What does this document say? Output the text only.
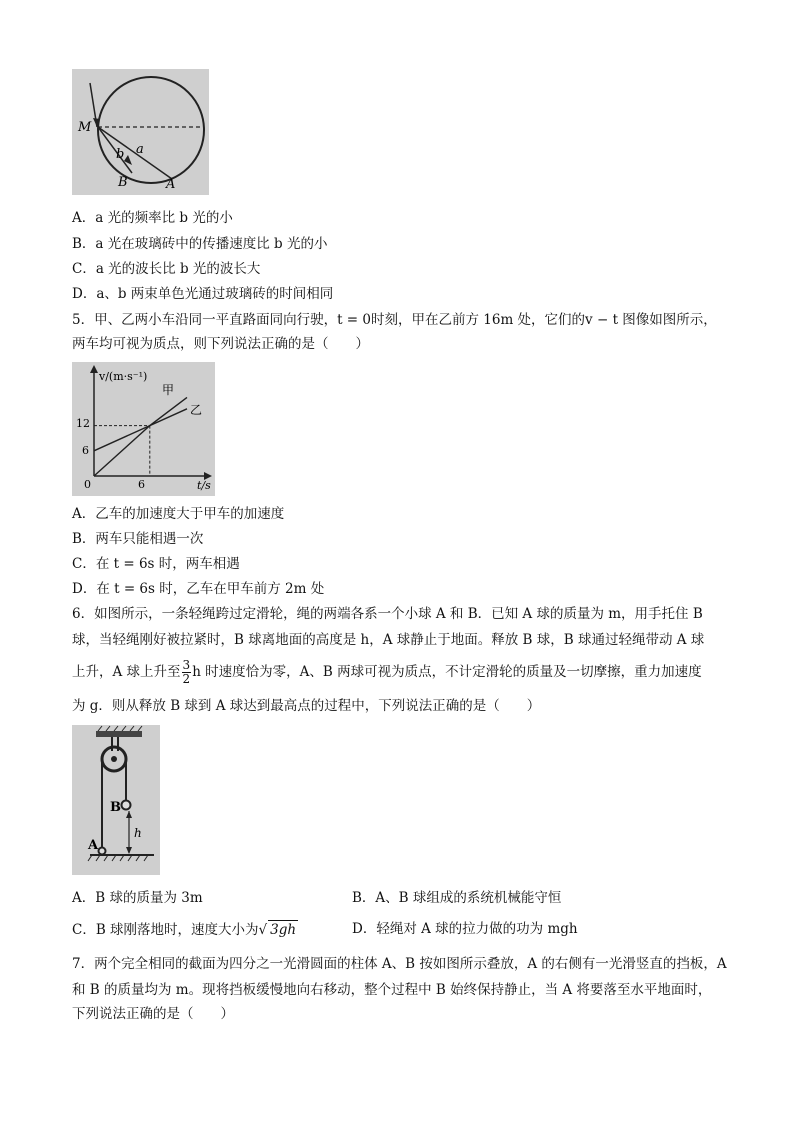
M
b a
B	A
A．a 光的频率比 b 光的小
B．a 光在玻璃砖中的传播速度比 b 光的小
C．a 光的波长比 b 光的波长大
D．a、b 两束单色光通过玻璃砖的时间相同
5．甲、乙两小车沿同一平直路面同向行驶，t = 0时刻，甲在乙前方 16m 处，它们的v − t 图像如图所示，
两车均可视为质点，则下列说法正确的是（　　）
v/(m·s⁻¹)
t/s
0	6
6
12
甲
乙
A．乙车的加速度大于甲车的加速度
B．两车只能相遇一次
C．在 t = 6s 时，两车相遇
D．在 t = 6s 时，乙车在甲车前方 2m 处
6．如图所示，一条轻绳跨过定滑轮，绳的两端各系一个小球 A 和 B．已知 A 球的质量为 m，用手托住 B
球，当轻绳刚好被拉紧时，B 球离地面的高度是 h，A 球静止于地面。释放 B 球，B 球通过轻绳带动 A 球
上升，A 球上升至 $\frac{3}{2}$ h 时速度恰为零，A、B 两球可视为质点，不计定滑轮的质量及一切摩擦，重力加速度
为 g．则从释放 B 球到 A 球达到最高点的过程中，下列说法正确的是（　　）
B
A
h
A．B 球的质量为 3m	B．A、B 球组成的系统机械能守恒
C．B 球刚落地时，速度大小为√ 3gh	D．轻绳对 A 球的拉力做的功为 mgh
7．两个完全相同的截面为四分之一光滑圆面的柱体 A、B 按如图所示叠放，A 的右侧有一光滑竖直的挡板，A
和 B 的质量均为 m。现将挡板缓慢地向右移动，整个过程中 B 始终保持静止，当 A 将要落至水平地面时，
下列说法正确的是（　　）
